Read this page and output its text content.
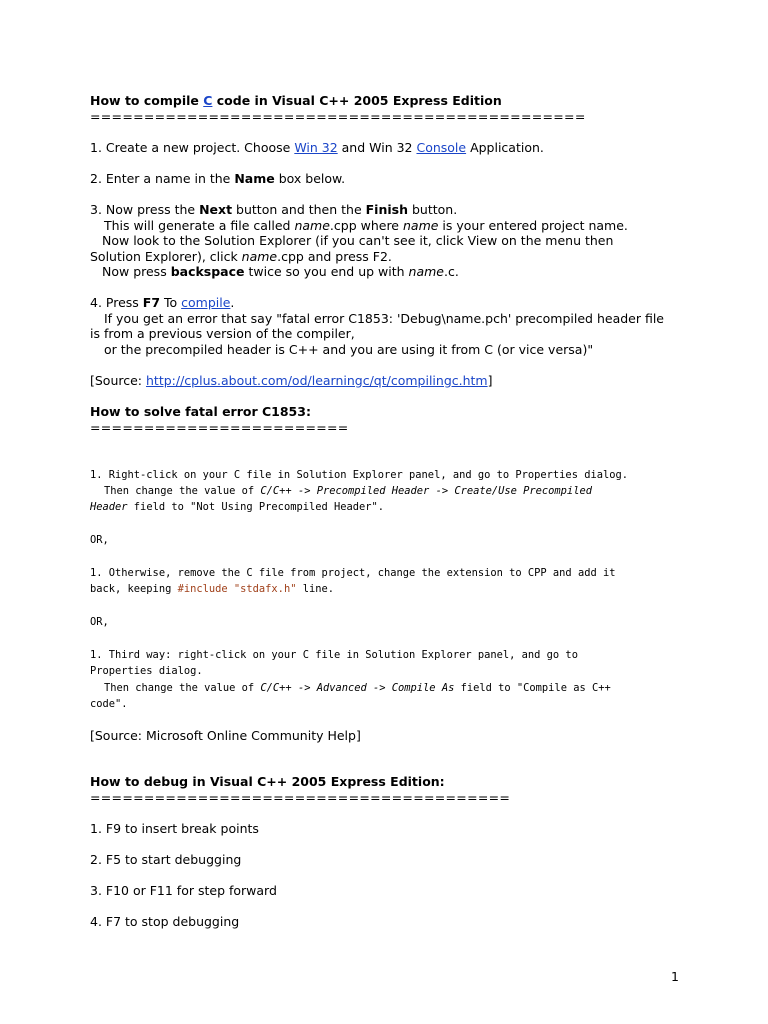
How to compile C code in Visual C++ 2005 Express Edition

==============================================

1. Create a new project. Choose Win 32 and Win 32 Console Application.

2. Enter a name in the Name box below.

3. Now press the Next button and then the Finish button.

This will generate a file called name.cpp where name is your entered project name.

Now look to the Solution Explorer (if you can't see it, click View on the menu then

Solution Explorer), click name.cpp and press F2.

Now press backspace twice so you end up with name.c.

4. Press F7 To compile.

If you get an error that say "fatal error C1853: 'Debug\name.pch' precompiled header file

is from a previous version of the compiler,

or the precompiled header is C++ and you are using it from C (or vice versa)"

[Source: http://cplus.about.com/od/learningc/qt/compilingc.htm]

How to solve fatal error C1853:

========================

1. Right-click on your C file in Solution Explorer panel, and go to Properties dialog.

Then change the value of C/C++ -> Precompiled Header -> Create/Use Precompiled

Header field to "Not Using Precompiled Header".

OR,

1. Otherwise, remove the C file from project, change the extension to CPP and add it

back, keeping #include "stdafx.h" line.

OR,

1. Third way: right-click on your C file in Solution Explorer panel, and go to

Properties dialog.

Then change the value of C/C++ -> Advanced -> Compile As field to "Compile as C++

code".

[Source: Microsoft Online Community Help]

How to debug in Visual C++ 2005 Express Edition:

=======================================

1. F9 to insert break points

2. F5 to start debugging

3. F10 or F11 for step forward

4. F7 to stop debugging

1
